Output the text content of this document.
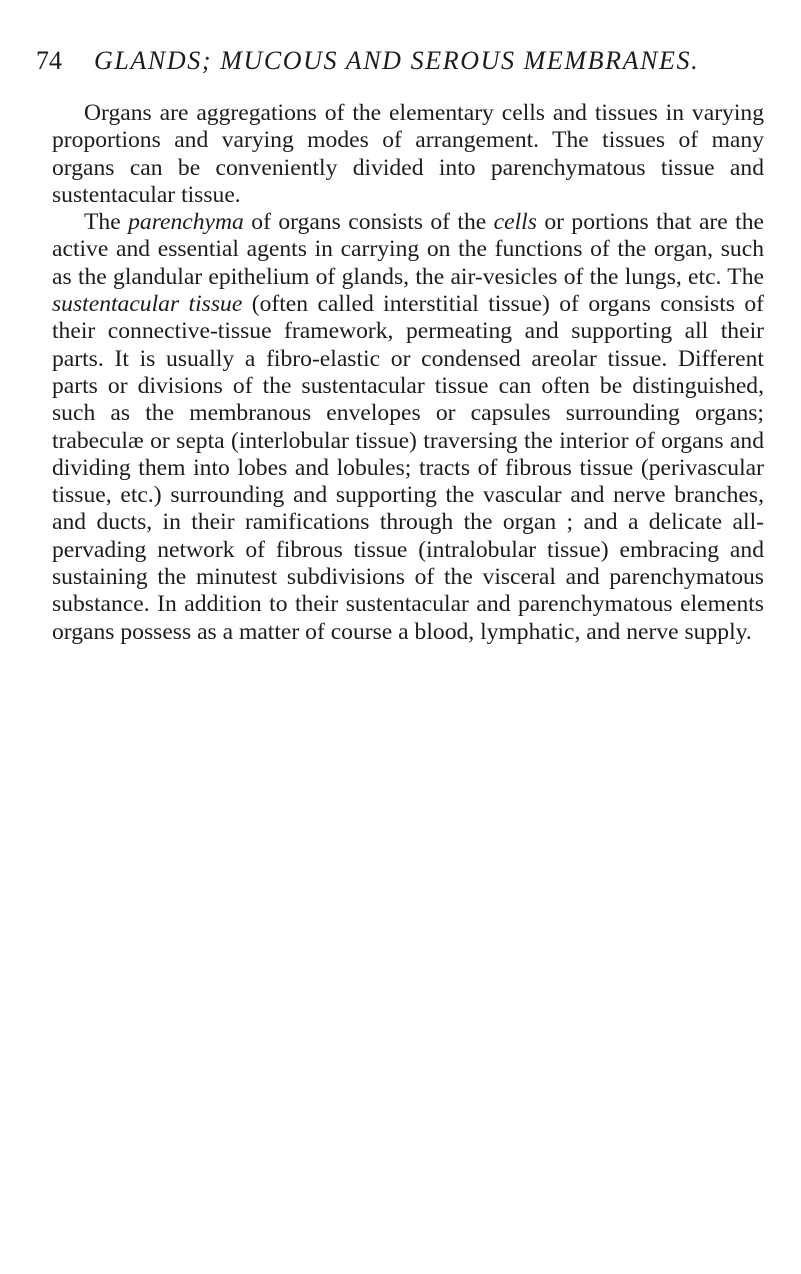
74 GLANDS; MUCOUS AND SEROUS MEMBRANES.

Organs are aggregations of the elementary cells and tissues in varying proportions and varying modes of arrangement. The tissues of many organs can be conveniently divided into parenchymatous tissue and sustentacular tissue.

The parenchyma of organs consists of the cells or portions that are the active and essential agents in carrying on the functions of the organ, such as the glandular epithelium of glands, the air-vesicles of the lungs, etc. The sustentacular tissue (often called interstitial tissue) of organs consists of their connective-tissue framework, permeating and supporting all their parts. It is usually a fibro-elastic or condensed areolar tissue. Different parts or divisions of the sustentacular tissue can often be distinguished, such as the membranous envelopes or capsules surrounding organs; trabeculæ or septa (interlobular tissue) traversing the interior of organs and dividing them into lobes and lobules; tracts of fibrous tissue (perivascular tissue, etc.) surrounding and supporting the vascular and nerve branches, and ducts, in their ramifications through the organ ; and a delicate all-pervading network of fibrous tissue (intralobular tissue) embracing and sustaining the minutest subdivisions of the visceral and parenchymatous substance. In addition to their sustentacular and parenchymatous elements organs possess as a matter of course a blood, lymphatic, and nerve supply.
